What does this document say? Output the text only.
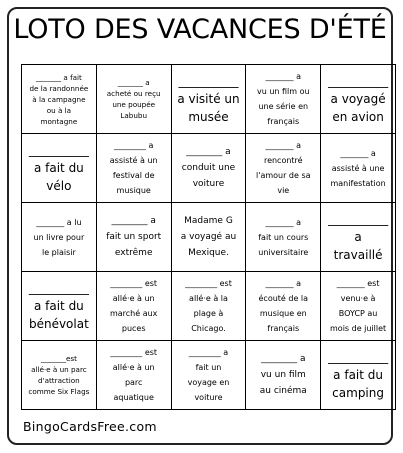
LOTO DES VACANCES D'ÉTÉ
_______ a fait
de la randonnée
à la campagne
ou à la
montagne
_______ a
acheté ou reçu
une poupée
Labubu
__________
a visité un
musée
_______ a
vu un film ou
une série en
français
__________
a voyagé
en avion
__________
a fait du
vélo
________ a
assisté à un
festival de
musique
________ a
conduit une
voiture
_______ a
rencontré
l'amour de sa
vie
_______ a
assisté à une
manifestation
_______ a lu
un livre pour
le plaisir
________ a
fait un sport
extrême
Madame G
a voyagé au
Mexique.
_______ a
fait un cours
universitaire
__________
a
travaillé
__________
a fait du
bénévolat
________ est
allé·e à un
marché aux
puces
________ est
allé·e à la
plage à
Chicago.
_______ a
écouté de la
musique en
français
_______ est
venu·e à
BOYCP au
mois de juillet
_______est
allé·e à un parc
d'attraction
comme Six Flags
________ est
allé·e à un
parc
aquatique
________ a
fait un
voyage en
voiture
________ a
vu un film
au cinéma
__________
a fait du
camping
BingoCardsFree.com
